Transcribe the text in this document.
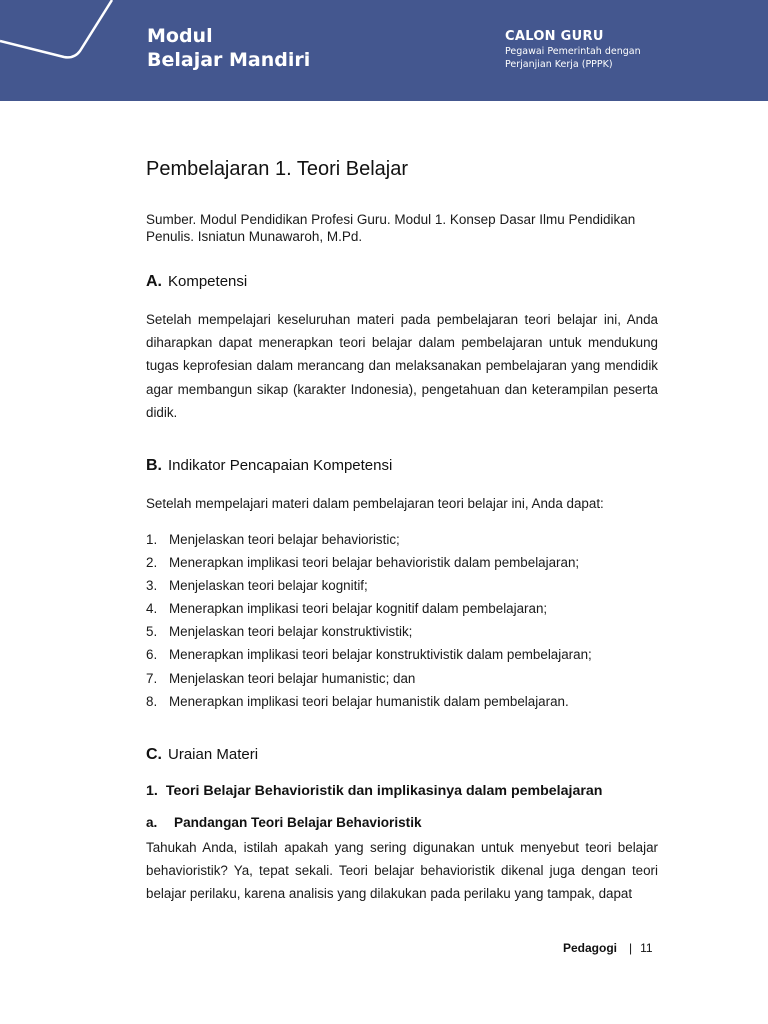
Modul
Belajar Mandiri
CALON GURU
Pegawai Pemerintah dengan
Perjanjian Kerja (PPPK)
Pembelajaran 1. Teori Belajar
Sumber. Modul Pendidikan Profesi Guru. Modul 1. Konsep Dasar Ilmu Pendidikan
Penulis. Isniatun Munawaroh, M.Pd.
A. Kompetensi

Setelah mempelajari keseluruhan materi pada pembelajaran teori belajar ini, Anda diharapkan dapat menerapkan teori belajar dalam pembelajaran untuk mendukung tugas keprofesian dalam merancang dan melaksanakan pembelajaran yang mendidik agar membangun sikap (karakter Indonesia), pengetahuan dan keterampilan peserta didik.

B. Indikator Pencapaian Kompetensi

Setelah mempelajari materi dalam pembelajaran teori belajar ini, Anda dapat:

1. Menjelaskan teori belajar behavioristic;
2. Menerapkan implikasi teori belajar behavioristik dalam pembelajaran;
3. Menjelaskan teori belajar kognitif;
4. Menerapkan implikasi teori belajar kognitif dalam pembelajaran;
5. Menjelaskan teori belajar konstruktivistik;
6. Menerapkan implikasi teori belajar konstruktivistik dalam pembelajaran;
7. Menjelaskan teori belajar humanistic; dan
8. Menerapkan implikasi teori belajar humanistik dalam pembelajaran.
C. Uraian Materi
1. Teori Belajar Behavioristik dan implikasinya dalam pembelajaran
a. Pandangan Teori Belajar Behavioristik

Tahukah Anda, istilah apakah yang sering digunakan untuk menyebut teori belajar behavioristik? Ya, tepat sekali. Teori belajar behavioristik dikenal juga dengan teori belajar perilaku, karena analisis yang dilakukan pada perilaku yang tampak, dapat

Pedagogi | 11
